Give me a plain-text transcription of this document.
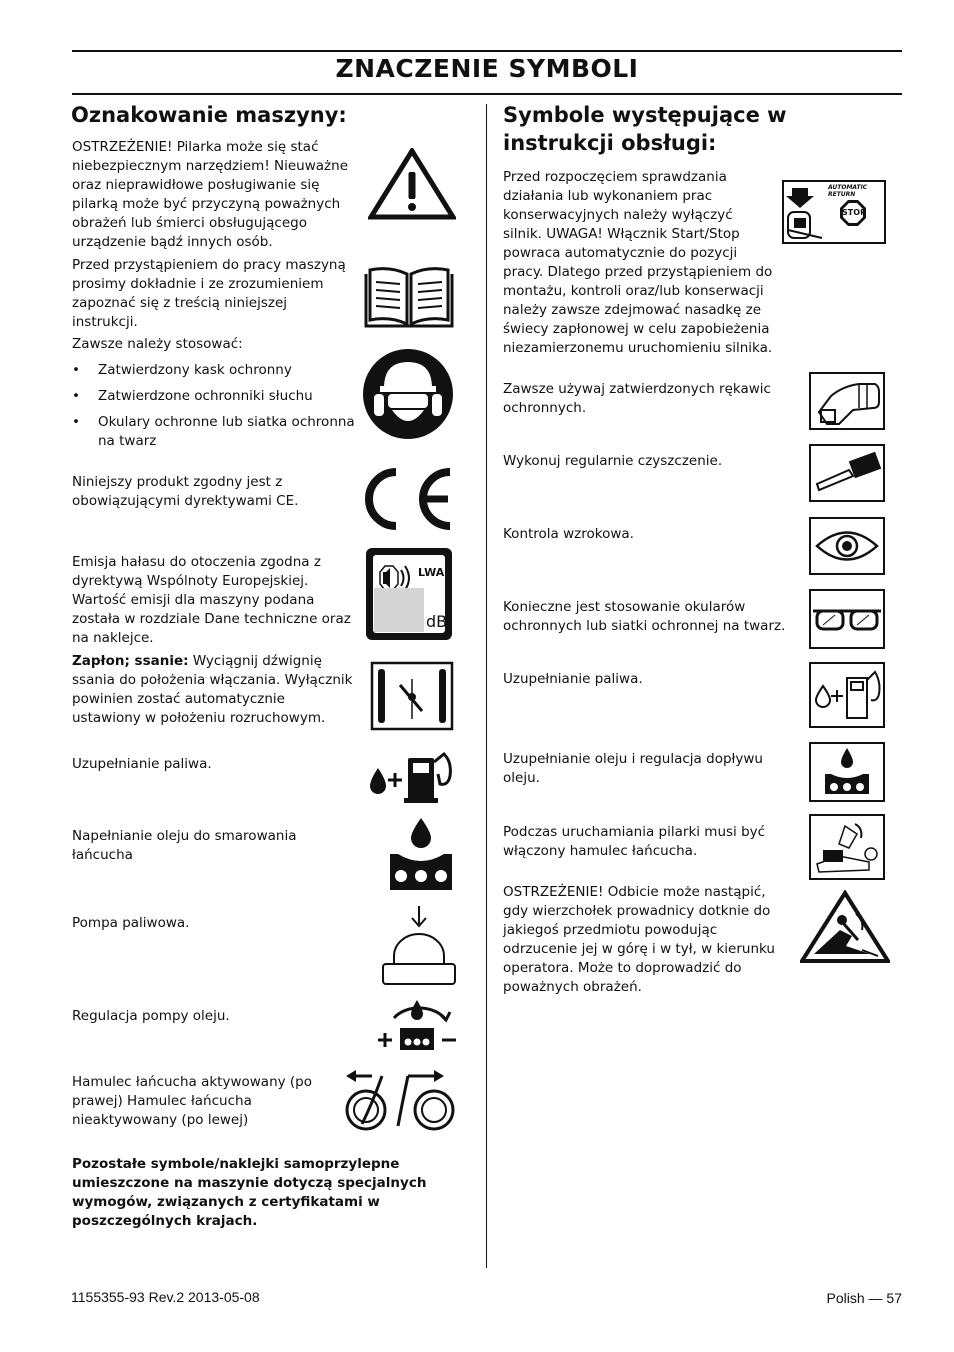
ZNACZENIE SYMBOLI
Oznakowanie maszyny:
OSTRZEŻENIE! Pilarka może się stać niebezpiecznym narzędziem! Nieuważne oraz nieprawidłowe posługiwanie się pilarką może być przyczyną poważnych obrażeń lub śmierci obsługującego urządzenie bądź innych osób.
Przed przystąpieniem do pracy maszyną prosimy dokładnie i ze zrozumieniem zapoznać się z treścią niniejszej instrukcji.
Zawsze należy stosować:
• Zatwierdzony kask ochronny
• Zatwierdzone ochronniki słuchu
• Okulary ochronne lub siatka ochronna na twarz
Niniejszy produkt zgodny jest z obowiązującymi dyrektywami CE.
Emisja hałasu do otoczenia zgodna z dyrektywą Wspólnoty Europejskiej. Wartość emisji dla maszyny podana została w rozdziale Dane techniczne oraz na naklejce.
LWA
dB
Zapłon; ssanie: Wyciągnij dźwignię ssania do położenia włączania. Wyłącznik powinien zostać automatycznie ustawiony w położeniu rozruchowym.
Uzupełnianie paliwa.
Napełnianie oleju do smarowania łańcucha
Pompa paliwowa.
Regulacja pompy oleju.
Hamulec łańcucha aktywowany (po prawej) Hamulec łańcucha nieaktywowany (po lewej)
Pozostałe symbole/naklejki samoprzylepne umieszczone na maszynie dotyczą specjalnych wymogów, związanych z certyfikatami w poszczególnych krajach.
Symbole występujące w instrukcji obsługi:
Przed rozpoczęciem sprawdzania działania lub wykonaniem prac konserwacyjnych należy wyłączyć silnik. UWAGA! Włącznik Start/Stop powraca automatycznie do pozycji pracy. Dlatego przed przystąpieniem do montażu, kontroli oraz/lub konserwacji należy zawsze zdejmować nasadkę ze świecy zapłonowej w celu zapobieżenia niezamierzonemu uruchomieniu silnika.
AUTOMATIC RETURN
STOP
Zawsze używaj zatwierdzonych rękawic ochronnych.
Wykonuj regularnie czyszczenie.
Kontrola wzrokowa.
Konieczne jest stosowanie okularów ochronnych lub siatki ochronnej na twarz.
Uzupełnianie paliwa.
Uzupełnianie oleju i regulacja dopływu oleju.
Podczas uruchamiania pilarki musi być włączony hamulec łańcucha.
OSTRZEŻENIE! Odbicie może nastąpić, gdy wierzchołek prowadnicy dotknie do jakiegoś przedmiotu powodując odrzucenie jej w górę i w tył, w kierunku operatora. Może to doprowadzić do poważnych obrażeń.
1155355-93 Rev.2 2013-05-08	Polish — 57
